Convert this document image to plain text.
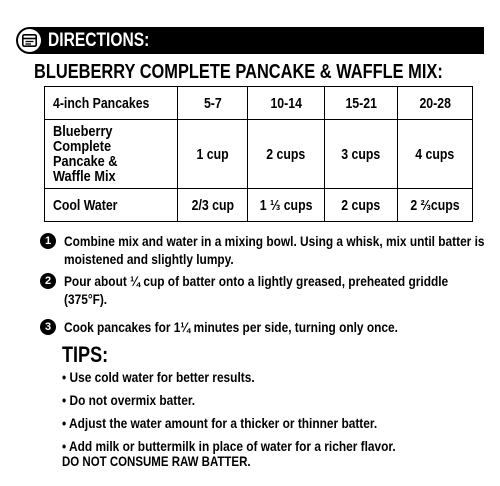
DIRECTIONS:
BLUEBERRY COMPLETE PANCAKE & WAFFLE MIX:
4-inch Pancakes	5-7	10-14	15-21	20-28

Blueberry Complete Pancake & Waffle Mix	1 cup	2 cups	3 cups	4 cups
Cool Water	2/3 cup	1 ⅓ cups	2 cups	2 ⅔cups
1 Combine mix and water in a mixing bowl. Using a whisk, mix until batter is moistened and slightly lumpy.
2 Pour about ¼ cup of batter onto a lightly greased, preheated griddle (375°F).
3 Cook pancakes for 1¼ minutes per side, turning only once.
TIPS:
• Use cold water for better results.
• Do not overmix batter.
• Adjust the water amount for a thicker or thinner batter.
• Add milk or buttermilk in place of water for a richer flavor.
DO NOT CONSUME RAW BATTER.
